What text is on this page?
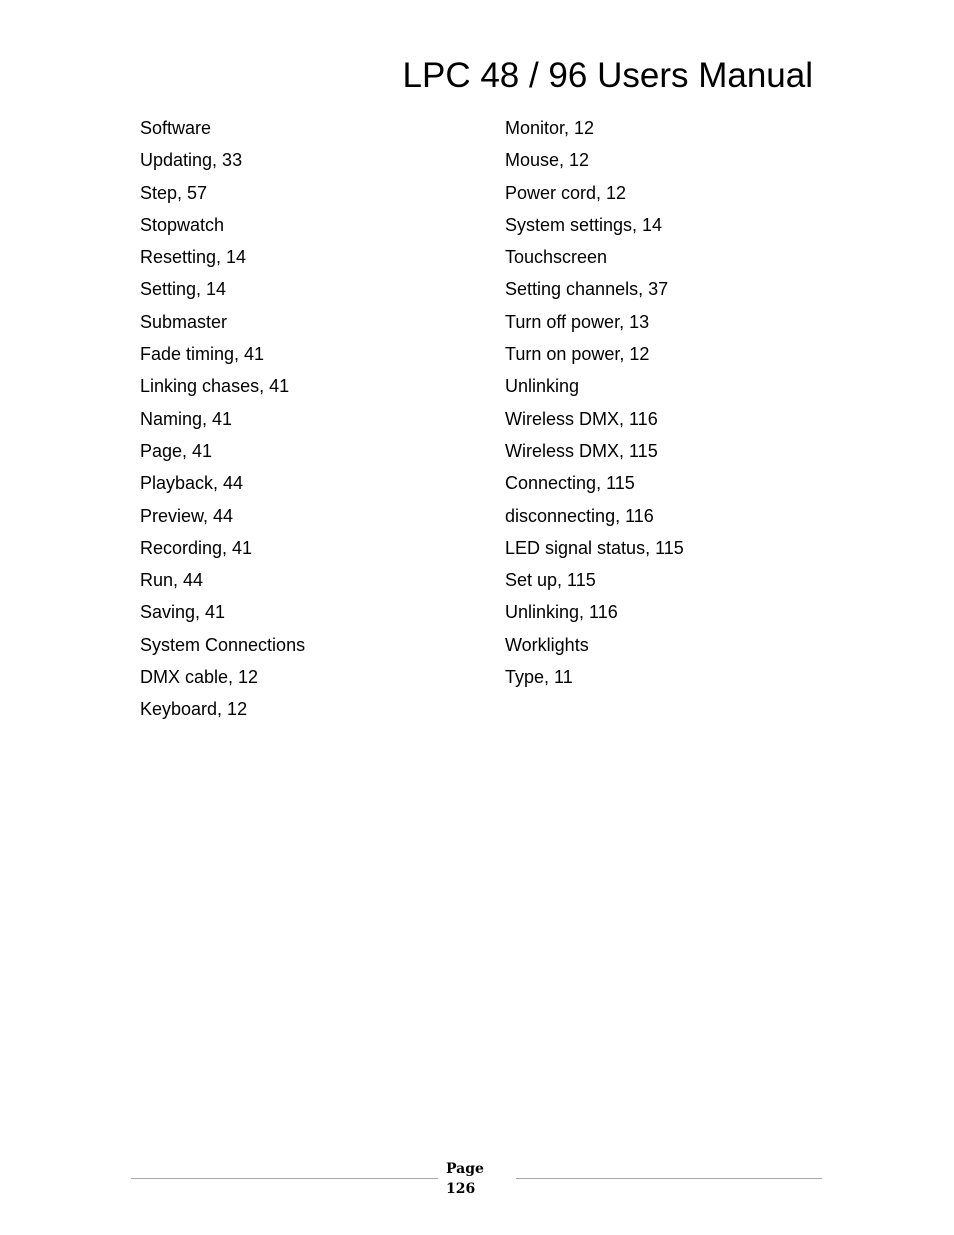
LPC 48 / 96 Users Manual
Software
Updating, 33
Step, 57
Stopwatch
Resetting, 14
Setting, 14
Submaster
Fade timing, 41
Linking chases, 41
Naming, 41
Page, 41
Playback, 44
Preview, 44
Recording, 41
Run, 44
Saving, 41
System Connections
DMX cable, 12
Keyboard, 12
Monitor, 12
Mouse, 12
Power cord, 12
System settings, 14
Touchscreen
Setting channels, 37
Turn off power, 13
Turn on power, 12
Unlinking
Wireless DMX, 116
Wireless DMX, 115
Connecting, 115
disconnecting, 116
LED signal status, 115
Set up, 115
Unlinking, 116
Worklights
Type, 11
Page
126
